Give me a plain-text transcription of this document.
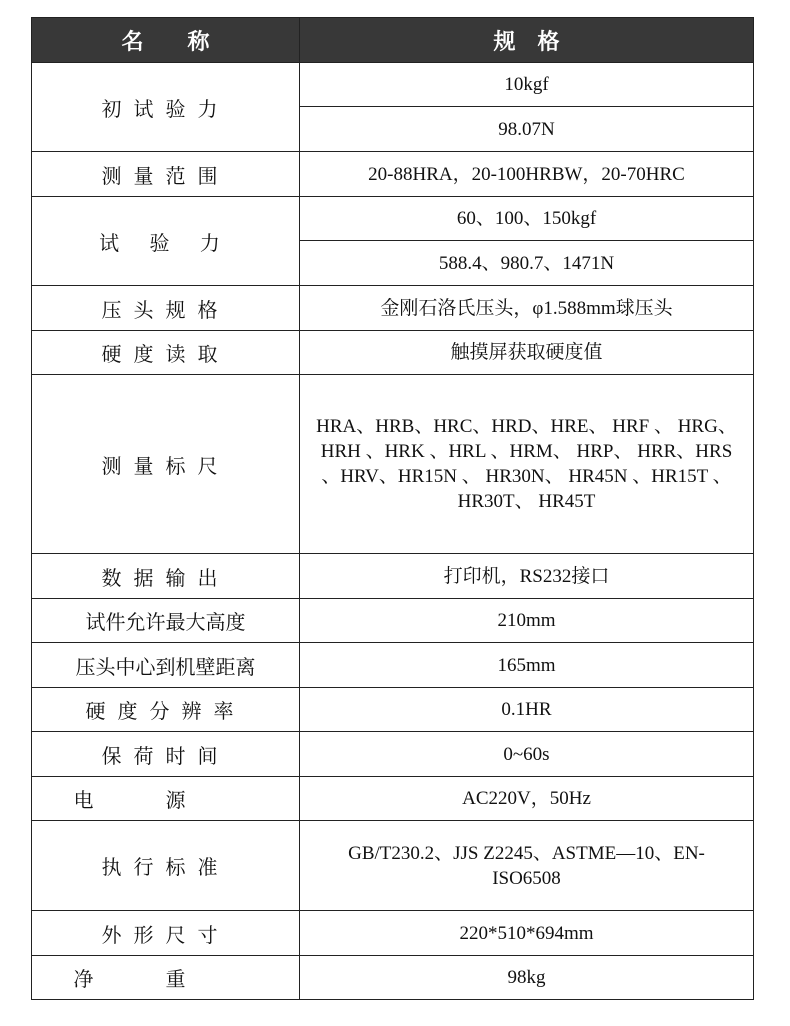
名　　称	规　格
初试验力	10kgf
	98.07N
测量范围	20-88HRA，20-100HRBW，20-70HRC
试 验 力	60、100、150kgf
	588.4、980.7、1471N
压头规格	金刚石洛氏压头，φ1.588mm球压头
硬度读取	触摸屏获取硬度值
测量标尺	HRA、HRB、HRC、HRD、HRE、 HRF 、 HRG、 HRH 、HRK 、HRL 、HRM、 HRP、 HRR、HRS 、HRV、HR15N 、 HR30N、 HR45N 、HR15T 、HR30T、 HR45T
数据输出	打印机，RS232接口
试件允许最大高度	210mm
压头中心到机壁距离	165mm
硬度分辨率	0.1HR
保荷时间	0~60s
电源	AC220V，50Hz
执行标准	GB/T230.2、JJS Z2245、ASTME—10、EN-ISO6508
外形尺寸	220*510*694mm
净重	98kg
